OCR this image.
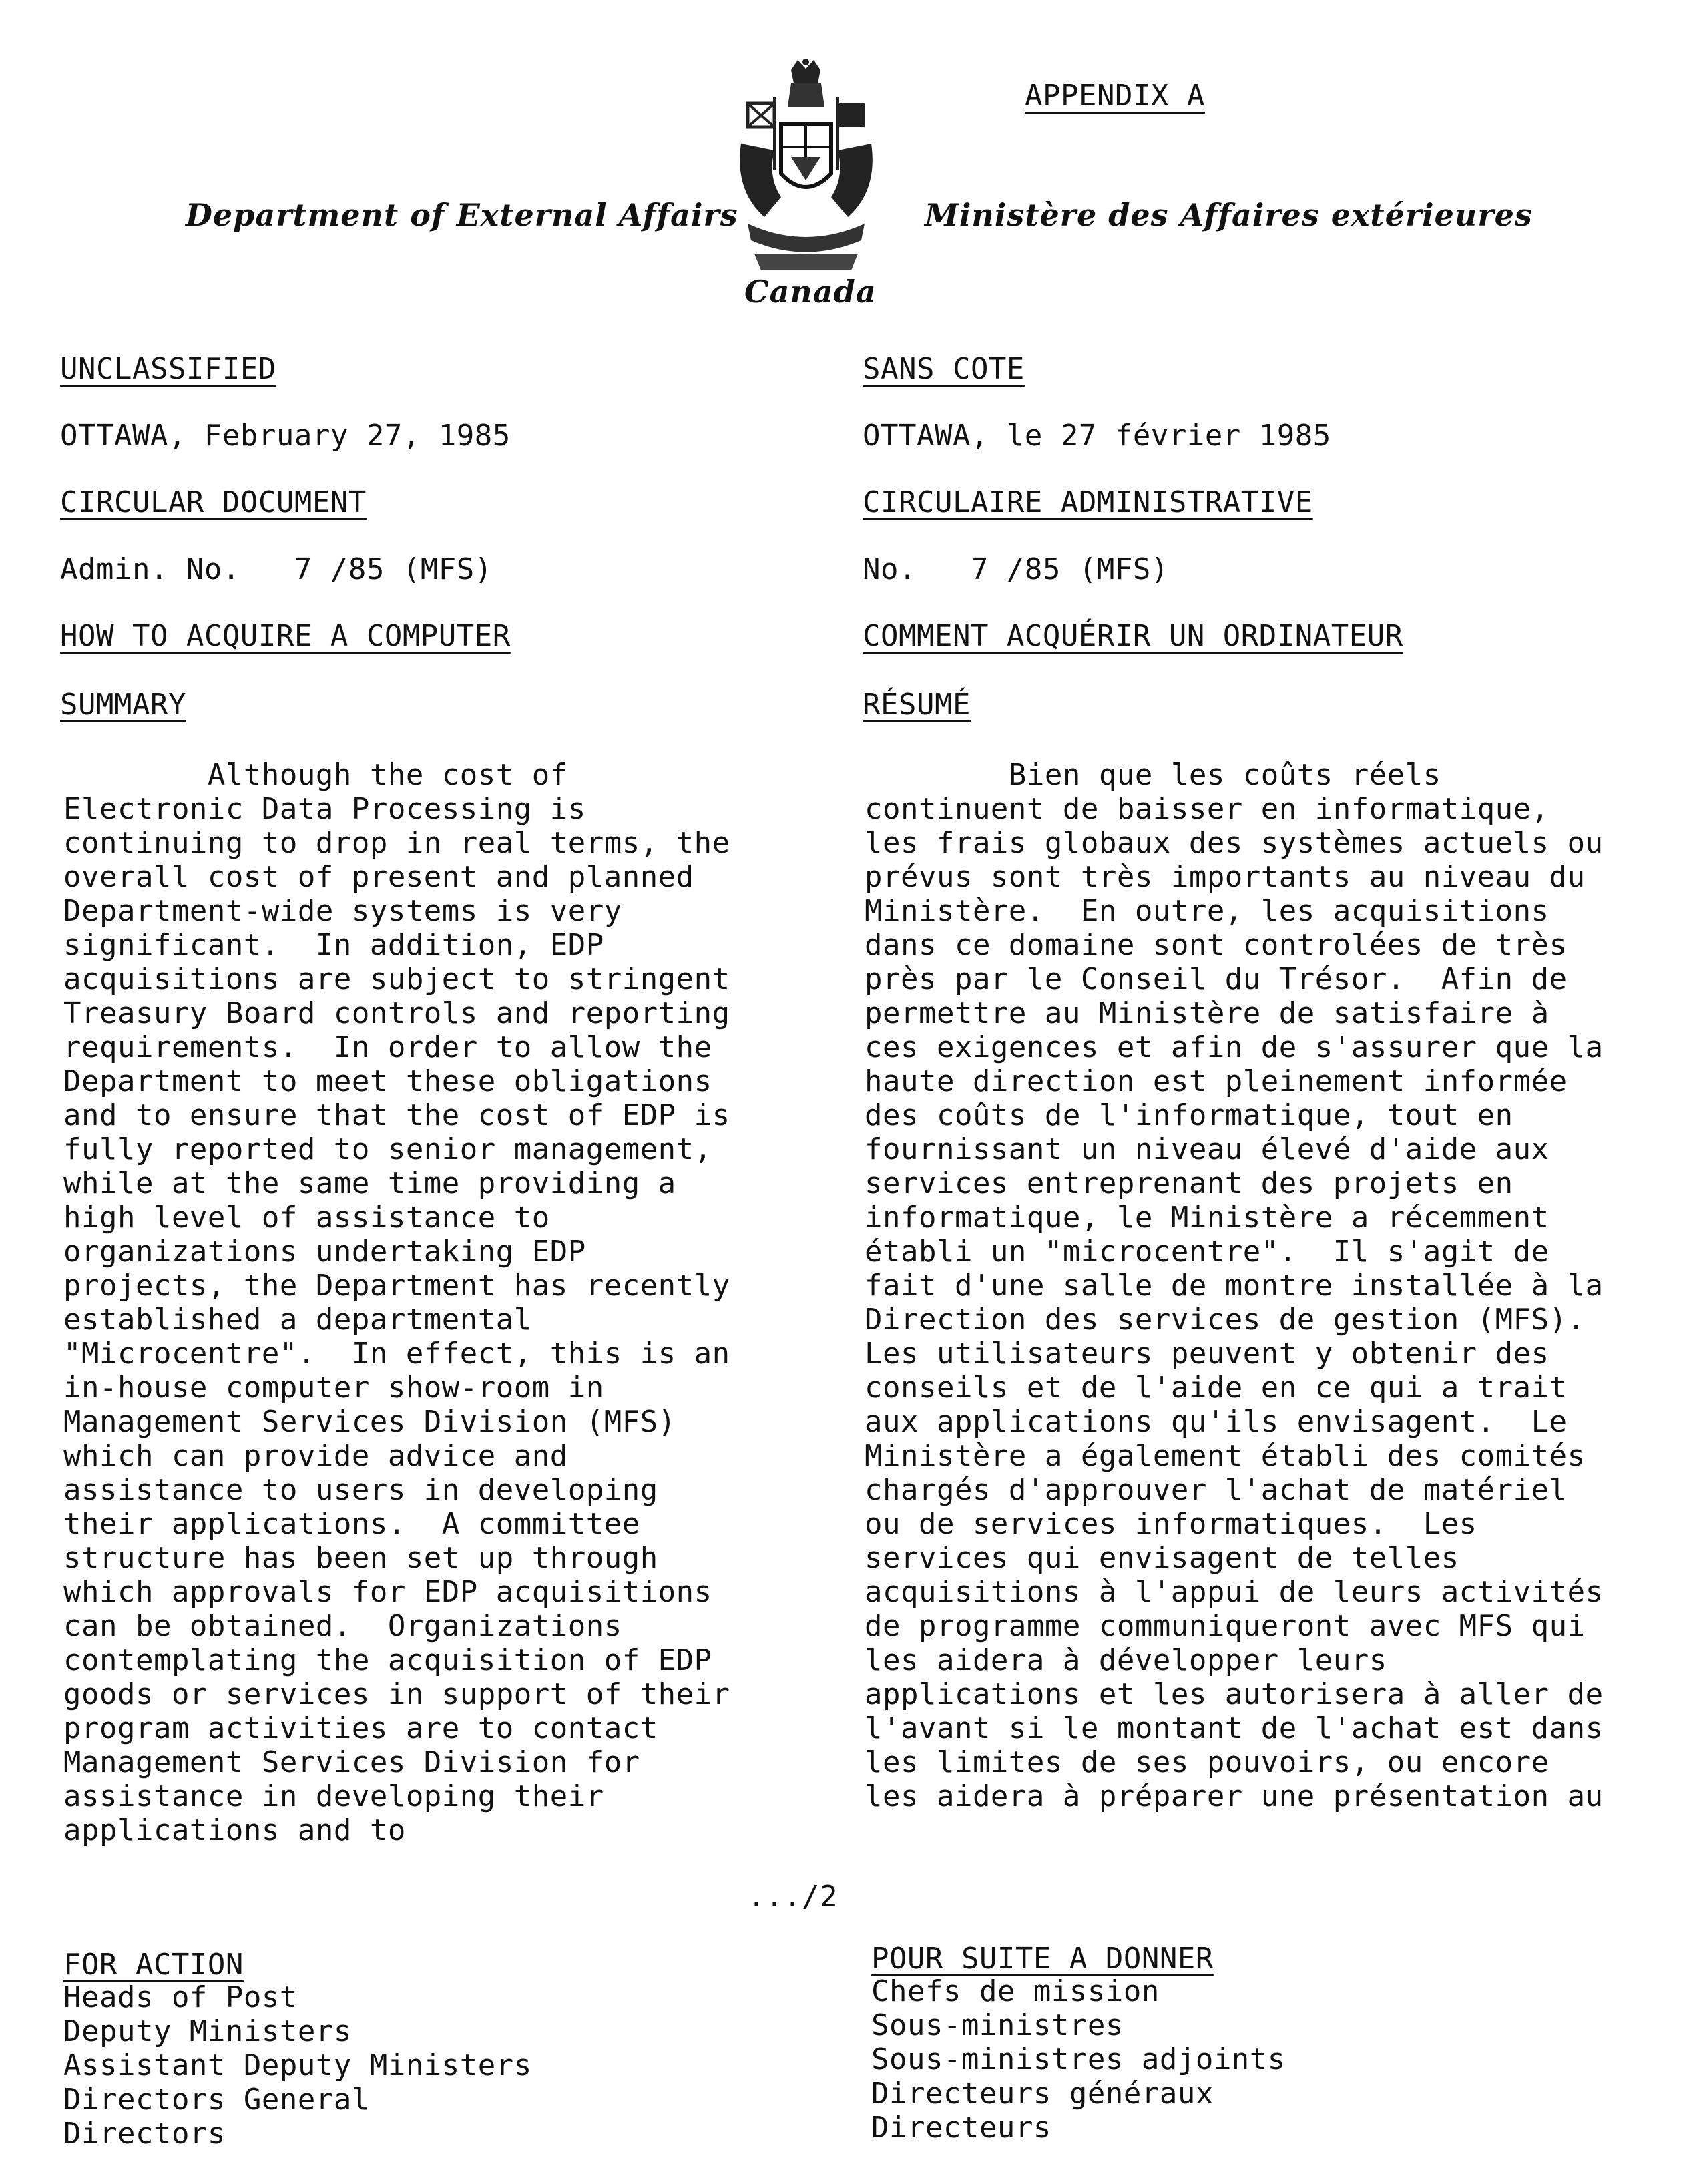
APPENDIX A
Department of External Affairs	Ministère des Affaires extérieures
Canada
UNCLASSIFIED
OTTAWA, February 27, 1985
CIRCULAR DOCUMENT
Admin. No.   7 /85 (MFS)
HOW TO ACQUIRE A COMPUTER
SUMMARY
Although the cost of
Electronic Data Processing is
continuing to drop in real terms, the
overall cost of present and planned
Department-wide systems is very
significant.  In addition, EDP
acquisitions are subject to stringent
Treasury Board controls and reporting
requirements.  In order to allow the
Department to meet these obligations
and to ensure that the cost of EDP is
fully reported to senior management,
while at the same time providing a
high level of assistance to
organizations undertaking EDP
projects, the Department has recently
established a departmental
"Microcentre".  In effect, this is an
in-house computer show-room in
Management Services Division (MFS)
which can provide advice and
assistance to users in developing
their applications.  A committee
structure has been set up through
which approvals for EDP acquisitions
can be obtained.  Organizations
contemplating the acquisition of EDP
goods or services in support of their
program activities are to contact
Management Services Division for
assistance in developing their
applications and to
SANS COTE
OTTAWA, le 27 février 1985
CIRCULAIRE ADMINISTRATIVE
No.   7 /85 (MFS)
COMMENT ACQUÉRIR UN ORDINATEUR
RÉSUMÉ
Bien que les coûts réels
continuent de baisser en informatique,
les frais globaux des systèmes actuels ou
prévus sont très importants au niveau du
Ministère.  En outre, les acquisitions
dans ce domaine sont controlées de très
près par le Conseil du Trésor.  Afin de
permettre au Ministère de satisfaire à
ces exigences et afin de s'assurer que la
haute direction est pleinement informée
des coûts de l'informatique, tout en
fournissant un niveau élevé d'aide aux
services entreprenant des projets en
informatique, le Ministère a récemment
établi un "microcentre".  Il s'agit de
fait d'une salle de montre installée à la
Direction des services de gestion (MFS).
Les utilisateurs peuvent y obtenir des
conseils et de l'aide en ce qui a trait
aux applications qu'ils envisagent.  Le
Ministère a également établi des comités
chargés d'approuver l'achat de matériel
ou de services informatiques.  Les
services qui envisagent de telles
acquisitions à l'appui de leurs activités
de programme communiqueront avec MFS qui
les aidera à développer leurs
applications et les autorisera à aller de
l'avant si le montant de l'achat est dans
les limites de ses pouvoirs, ou encore
les aidera à préparer une présentation au
.../2
FOR ACTION
Heads of Post
Deputy Ministers
Assistant Deputy Ministers
Directors General
Directors
POUR SUITE A DONNER
Chefs de mission
Sous-ministres
Sous-ministres adjoints
Directeurs généraux
Directeurs
